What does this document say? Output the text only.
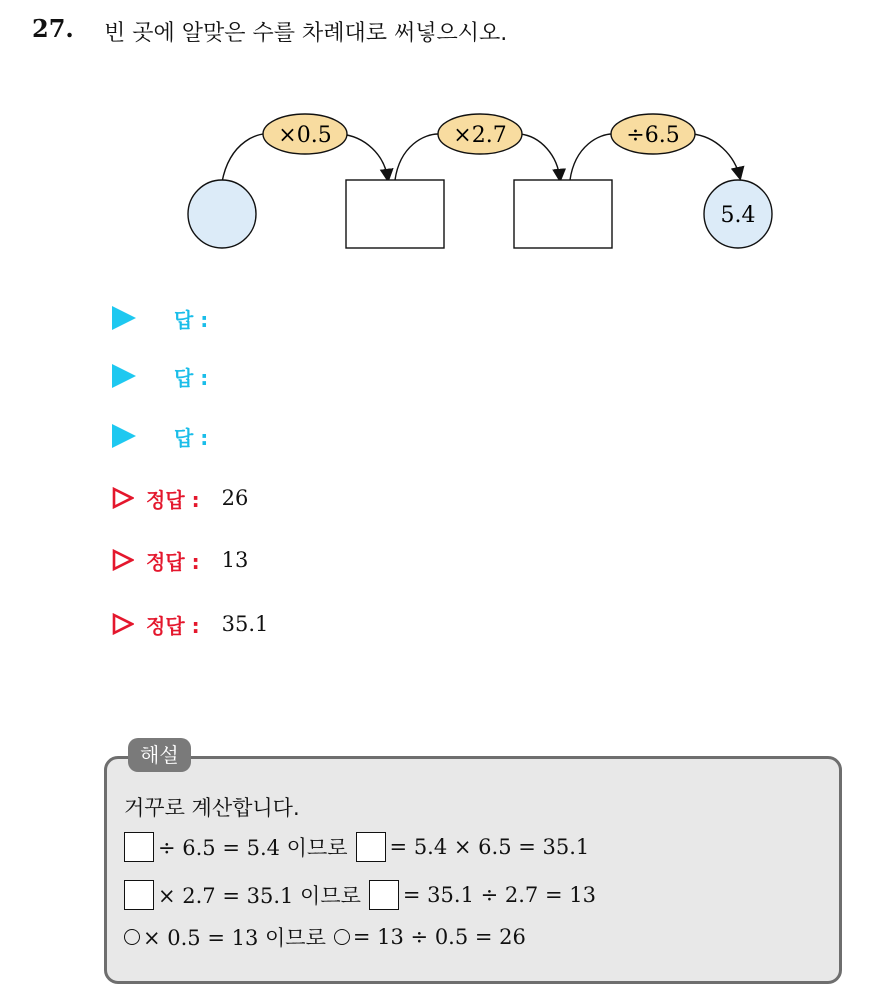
27. 빈 곳에 알맞은 수를 차례대로 써넣으시오.
×0.5	×2.7	÷6.5
5.4
답 :
답 :
답 :
정답 : 26
정답 : 13
정답 : 35.1
해설
거꾸로 계산합니다.
÷ 6.5 = 5.4 이므로 = 5.4 × 6.5 = 35.1
× 2.7 = 35.1 이므로 = 35.1 ÷ 2.7 = 13
× 0.5 = 13 이므로 = 13 ÷ 0.5 = 26
